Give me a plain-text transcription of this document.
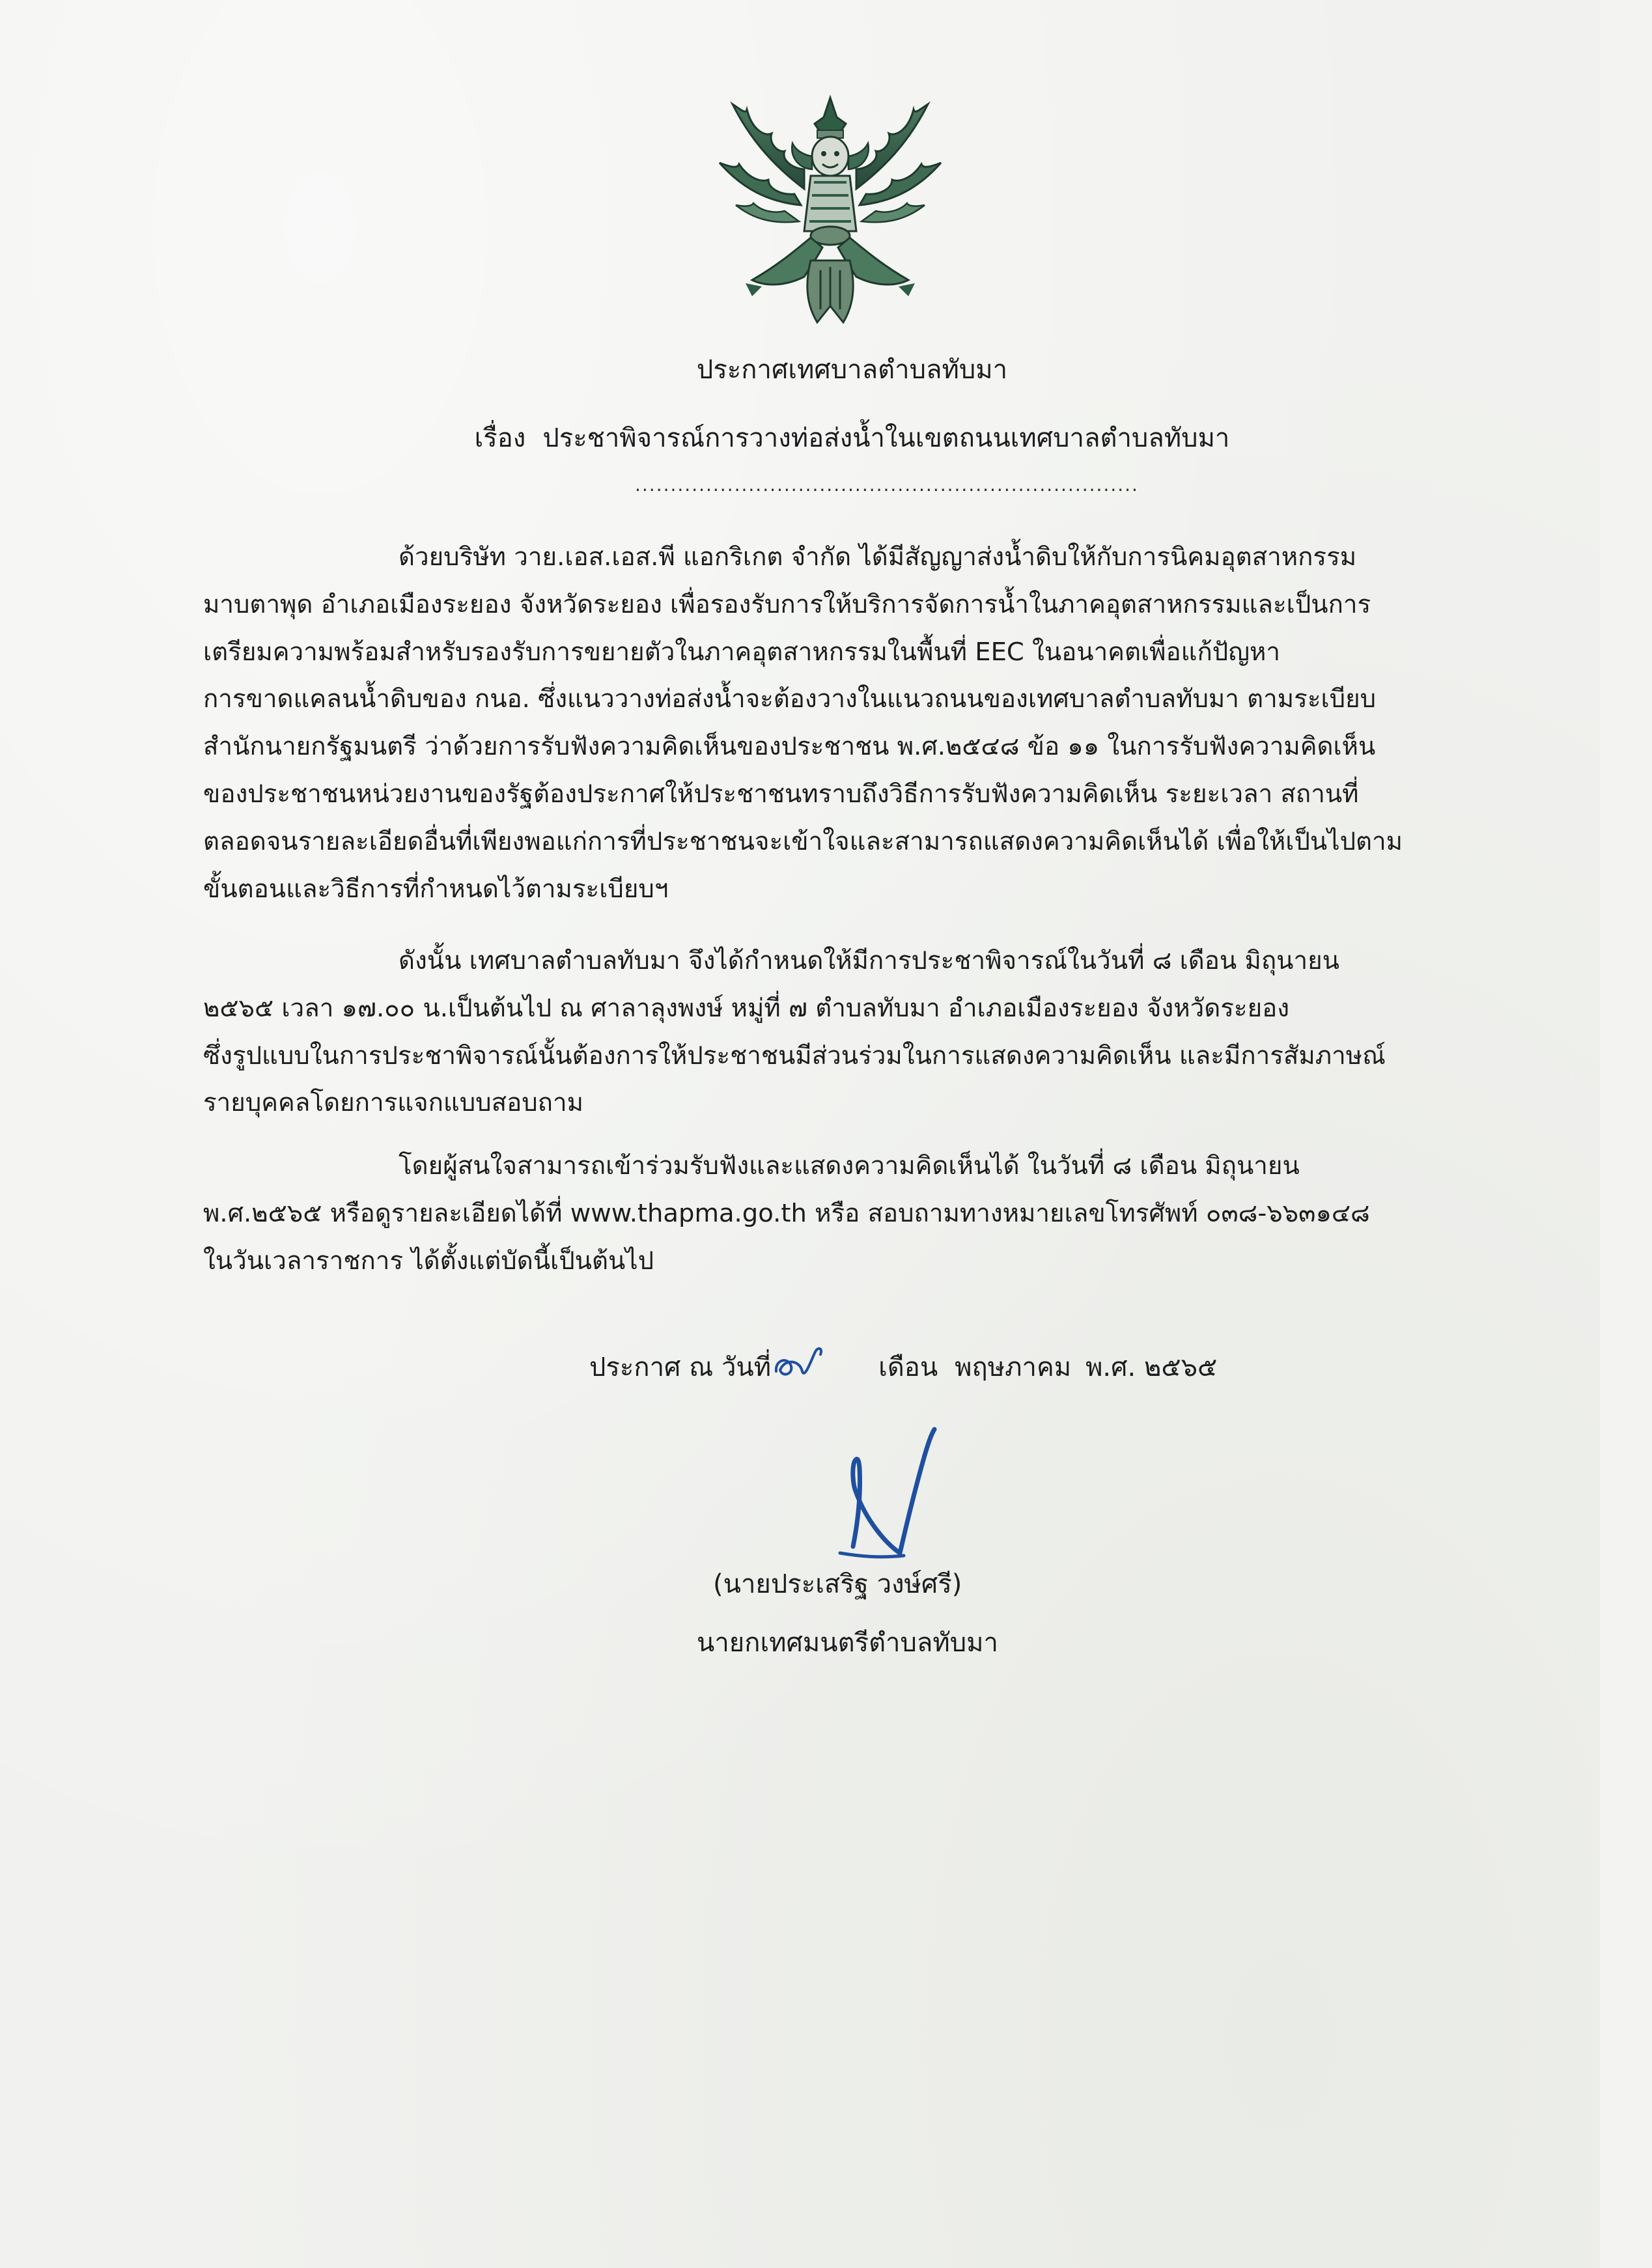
ประกาศเทศบาลตำบลทับมา
เรื่อง ประชาพิจารณ์การวางท่อส่งน้ำในเขตถนนเทศบาลตำบลทับมา
.......................................................................
ด้วยบริษัท วาย.เอส.เอส.พี แอกริเกต จำกัด ได้มีสัญญาส่งน้ำดิบให้กับการนิคมอุตสาหกรรม
มาบตาพุด อำเภอเมืองระยอง จังหวัดระยอง เพื่อรองรับการให้บริการจัดการน้ำในภาคอุตสาหกรรมและเป็นการ
เตรียมความพร้อมสำหรับรองรับการขยายตัวในภาคอุตสาหกรรมในพื้นที่ EEC ในอนาคตเพื่อแก้ปัญหา
การขาดแคลนน้ำดิบของ กนอ. ซึ่งแนววางท่อส่งน้ำจะต้องวางในแนวถนนของเทศบาลตำบลทับมา ตามระเบียบ
สำนักนายกรัฐมนตรี ว่าด้วยการรับฟังความคิดเห็นของประชาชน พ.ศ.๒๕๔๘ ข้อ ๑๑ ในการรับฟังความคิดเห็น
ของประชาชนหน่วยงานของรัฐต้องประกาศให้ประชาชนทราบถึงวิธีการรับฟังความคิดเห็น ระยะเวลา สถานที่
ตลอดจนรายละเอียดอื่นที่เพียงพอแก่การที่ประชาชนจะเข้าใจและสามารถแสดงความคิดเห็นได้ เพื่อให้เป็นไปตาม
ขั้นตอนและวิธีการที่กำหนดไว้ตามระเบียบฯ
ดังนั้น เทศบาลตำบลทับมา จึงได้กำหนดให้มีการประชาพิจารณ์ในวันที่ ๘ เดือน มิถุนายน
๒๕๖๕ เวลา ๑๗.๐๐ น.เป็นต้นไป ณ ศาลาลุงพงษ์ หมู่ที่ ๗ ตำบลทับมา อำเภอเมืองระยอง จังหวัดระยอง
ซึ่งรูปแบบในการประชาพิจารณ์นั้นต้องการให้ประชาชนมีส่วนร่วมในการแสดงความคิดเห็น และมีการสัมภาษณ์
รายบุคคลโดยการแจกแบบสอบถาม
โดยผู้สนใจสามารถเข้าร่วมรับฟังและแสดงความคิดเห็นได้ ในวันที่ ๘ เดือน มิถุนายน
พ.ศ.๒๕๖๕ หรือดูรายละเอียดได้ที่ www.thapma.go.th หรือ สอบถามทางหมายเลขโทรศัพท์ ๐๓๘-๖๖๓๑๔๘
ในวันเวลาราชการ ได้ตั้งแต่บัดนี้เป็นต้นไป
ประกาศ ณ วันที่	เดือน พฤษภาคม พ.ศ. ๒๕๖๕
(นายประเสริฐ วงษ์ศรี)
นายกเทศมนตรีตำบลทับมา
